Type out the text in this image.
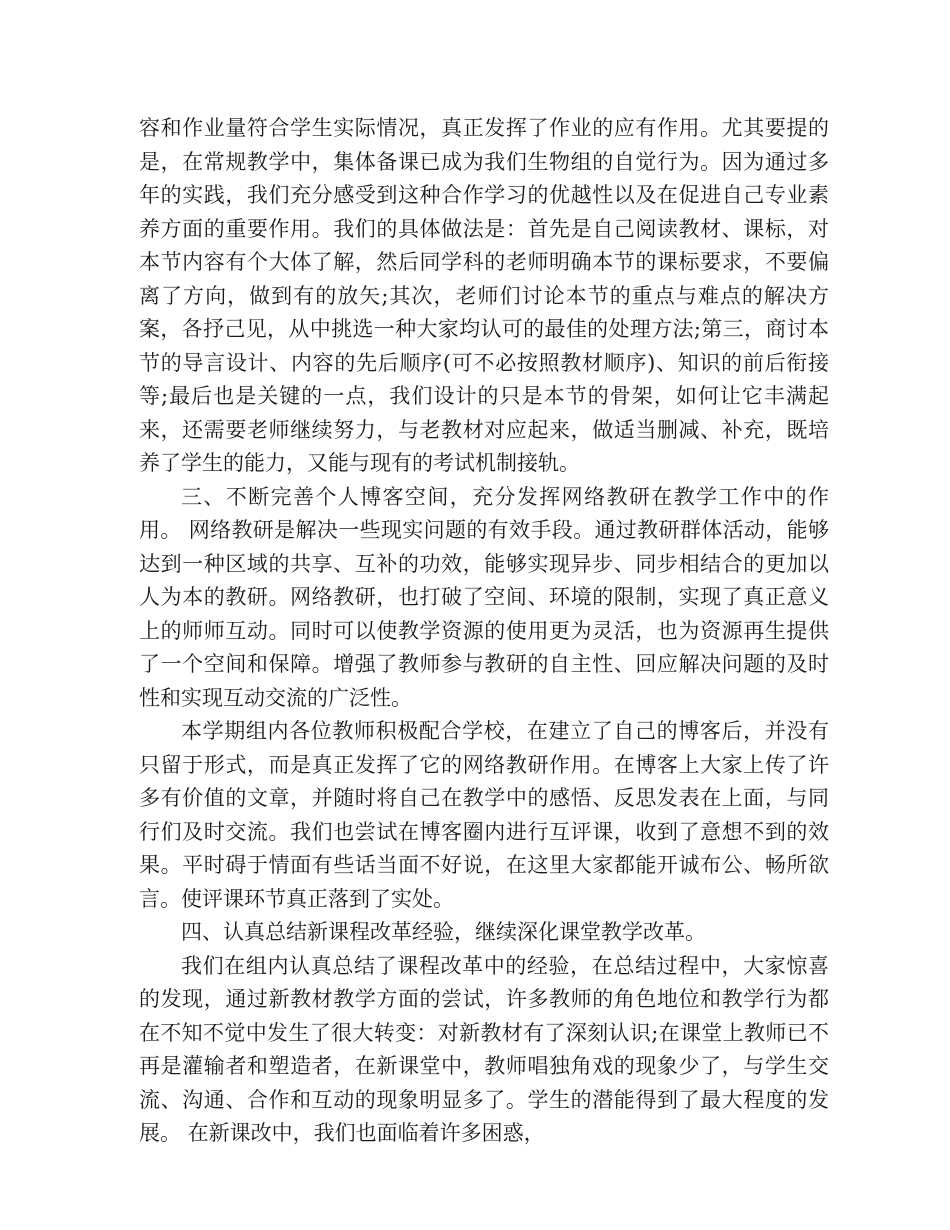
容和作业量符合学生实际情况，真正发挥了作业的应有作用。尤其要提的是，在常规教学中，集体备课已成为我们生物组的自觉行为。因为通过多年的实践，我们充分感受到这种合作学习的优越性以及在促进自己专业素养方面的重要作用。我们的具体做法是：首先是自己阅读教材、课标，对本节内容有个大体了解，然后同学科的老师明确本节的课标要求，不要偏离了方向，做到有的放矢;其次，老师们讨论本节的重点与难点的解决方案，各抒己见，从中挑选一种大家均认可的最佳的处理方法;第三，商讨本节的导言设计、内容的先后顺序(可不必按照教材顺序)、知识的前后衔接等;最后也是关键的一点，我们设计的只是本节的骨架，如何让它丰满起来，还需要老师继续努力，与老教材对应起来，做适当删减、补充，既培养了学生的能力，又能与现有的考试机制接轨。

三、不断完善个人博客空间，充分发挥网络教研在教学工作中的作用。 网络教研是解决一些现实问题的有效手段。通过教研群体活动，能够达到一种区域的共享、互补的功效，能够实现异步、同步相结合的更加以人为本的教研。网络教研，也打破了空间、环境的限制，实现了真正意义上的师师互动。同时可以使教学资源的使用更为灵活，也为资源再生提供了一个空间和保障。增强了教师参与教研的自主性、回应解决问题的及时性和实现互动交流的广泛性。

本学期组内各位教师积极配合学校，在建立了自己的博客后，并没有只留于形式，而是真正发挥了它的网络教研作用。在博客上大家上传了许多有价值的文章，并随时将自己在教学中的感悟、反思发表在上面，与同行们及时交流。我们也尝试在博客圈内进行互评课，收到了意想不到的效果。平时碍于情面有些话当面不好说，在这里大家都能开诚布公、畅所欲言。使评课环节真正落到了实处。

四、认真总结新课程改革经验，继续深化课堂教学改革。

我们在组内认真总结了课程改革中的经验，在总结过程中，大家惊喜的发现，通过新教材教学方面的尝试，许多教师的角色地位和教学行为都在不知不觉中发生了很大转变：对新教材有了深刻认识;在课堂上教师已不再是灌输者和塑造者，在新课堂中，教师唱独角戏的现象少了，与学生交流、沟通、合作和互动的现象明显多了。学生的潜能得到了最大程度的发展。 在新课改中，我们也面临着许多困惑，
